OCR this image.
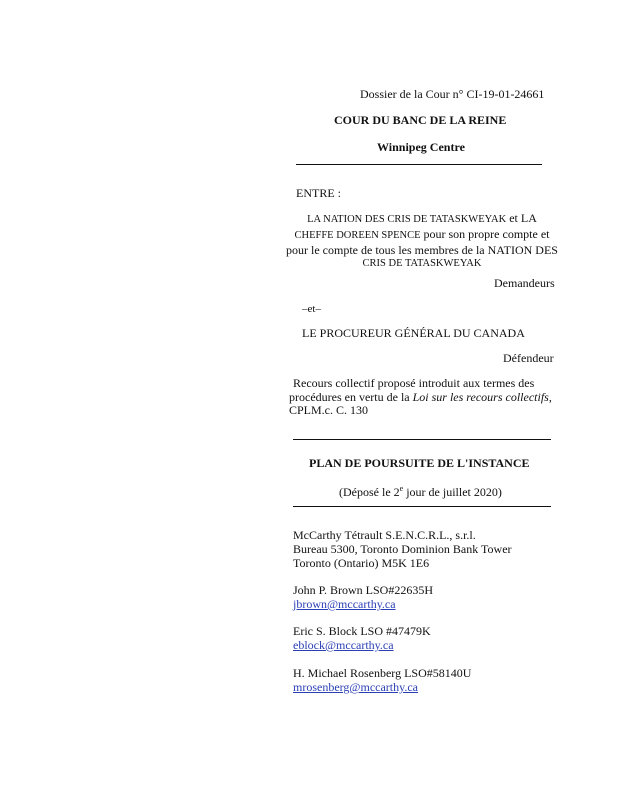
Dossier de la Cour n° CI-19-01-24661
COUR DU BANC DE LA REINE
Winnipeg Centre
ENTRE :
LA NATION DES CRIS DE TATASKWEYAK et LA
CHEFFE DOREEN SPENCE pour son propre compte et
pour le compte de tous les membres de la NATION DES
CRIS DE TATASKWEYAK
Demandeurs
–et–
LE PROCUREUR GÉNÉRAL DU CANADA
Défendeur
Recours collectif proposé introduit aux termes des
procédures en vertu de la Loi sur les recours collectifs,
CPLM.c. C. 130
PLAN DE POURSUITE DE L'INSTANCE
(Déposé le 2e jour de juillet 2020)
McCarthy Tétrault S.E.N.C.R.L., s.r.l.
Bureau 5300, Toronto Dominion Bank Tower
Toronto (Ontario) M5K 1E6
John P. Brown LSO#22635H
jbrown@mccarthy.ca
Eric S. Block LSO #47479K
eblock@mccarthy.ca
H. Michael Rosenberg LSO#58140U
mrosenberg@mccarthy.ca
